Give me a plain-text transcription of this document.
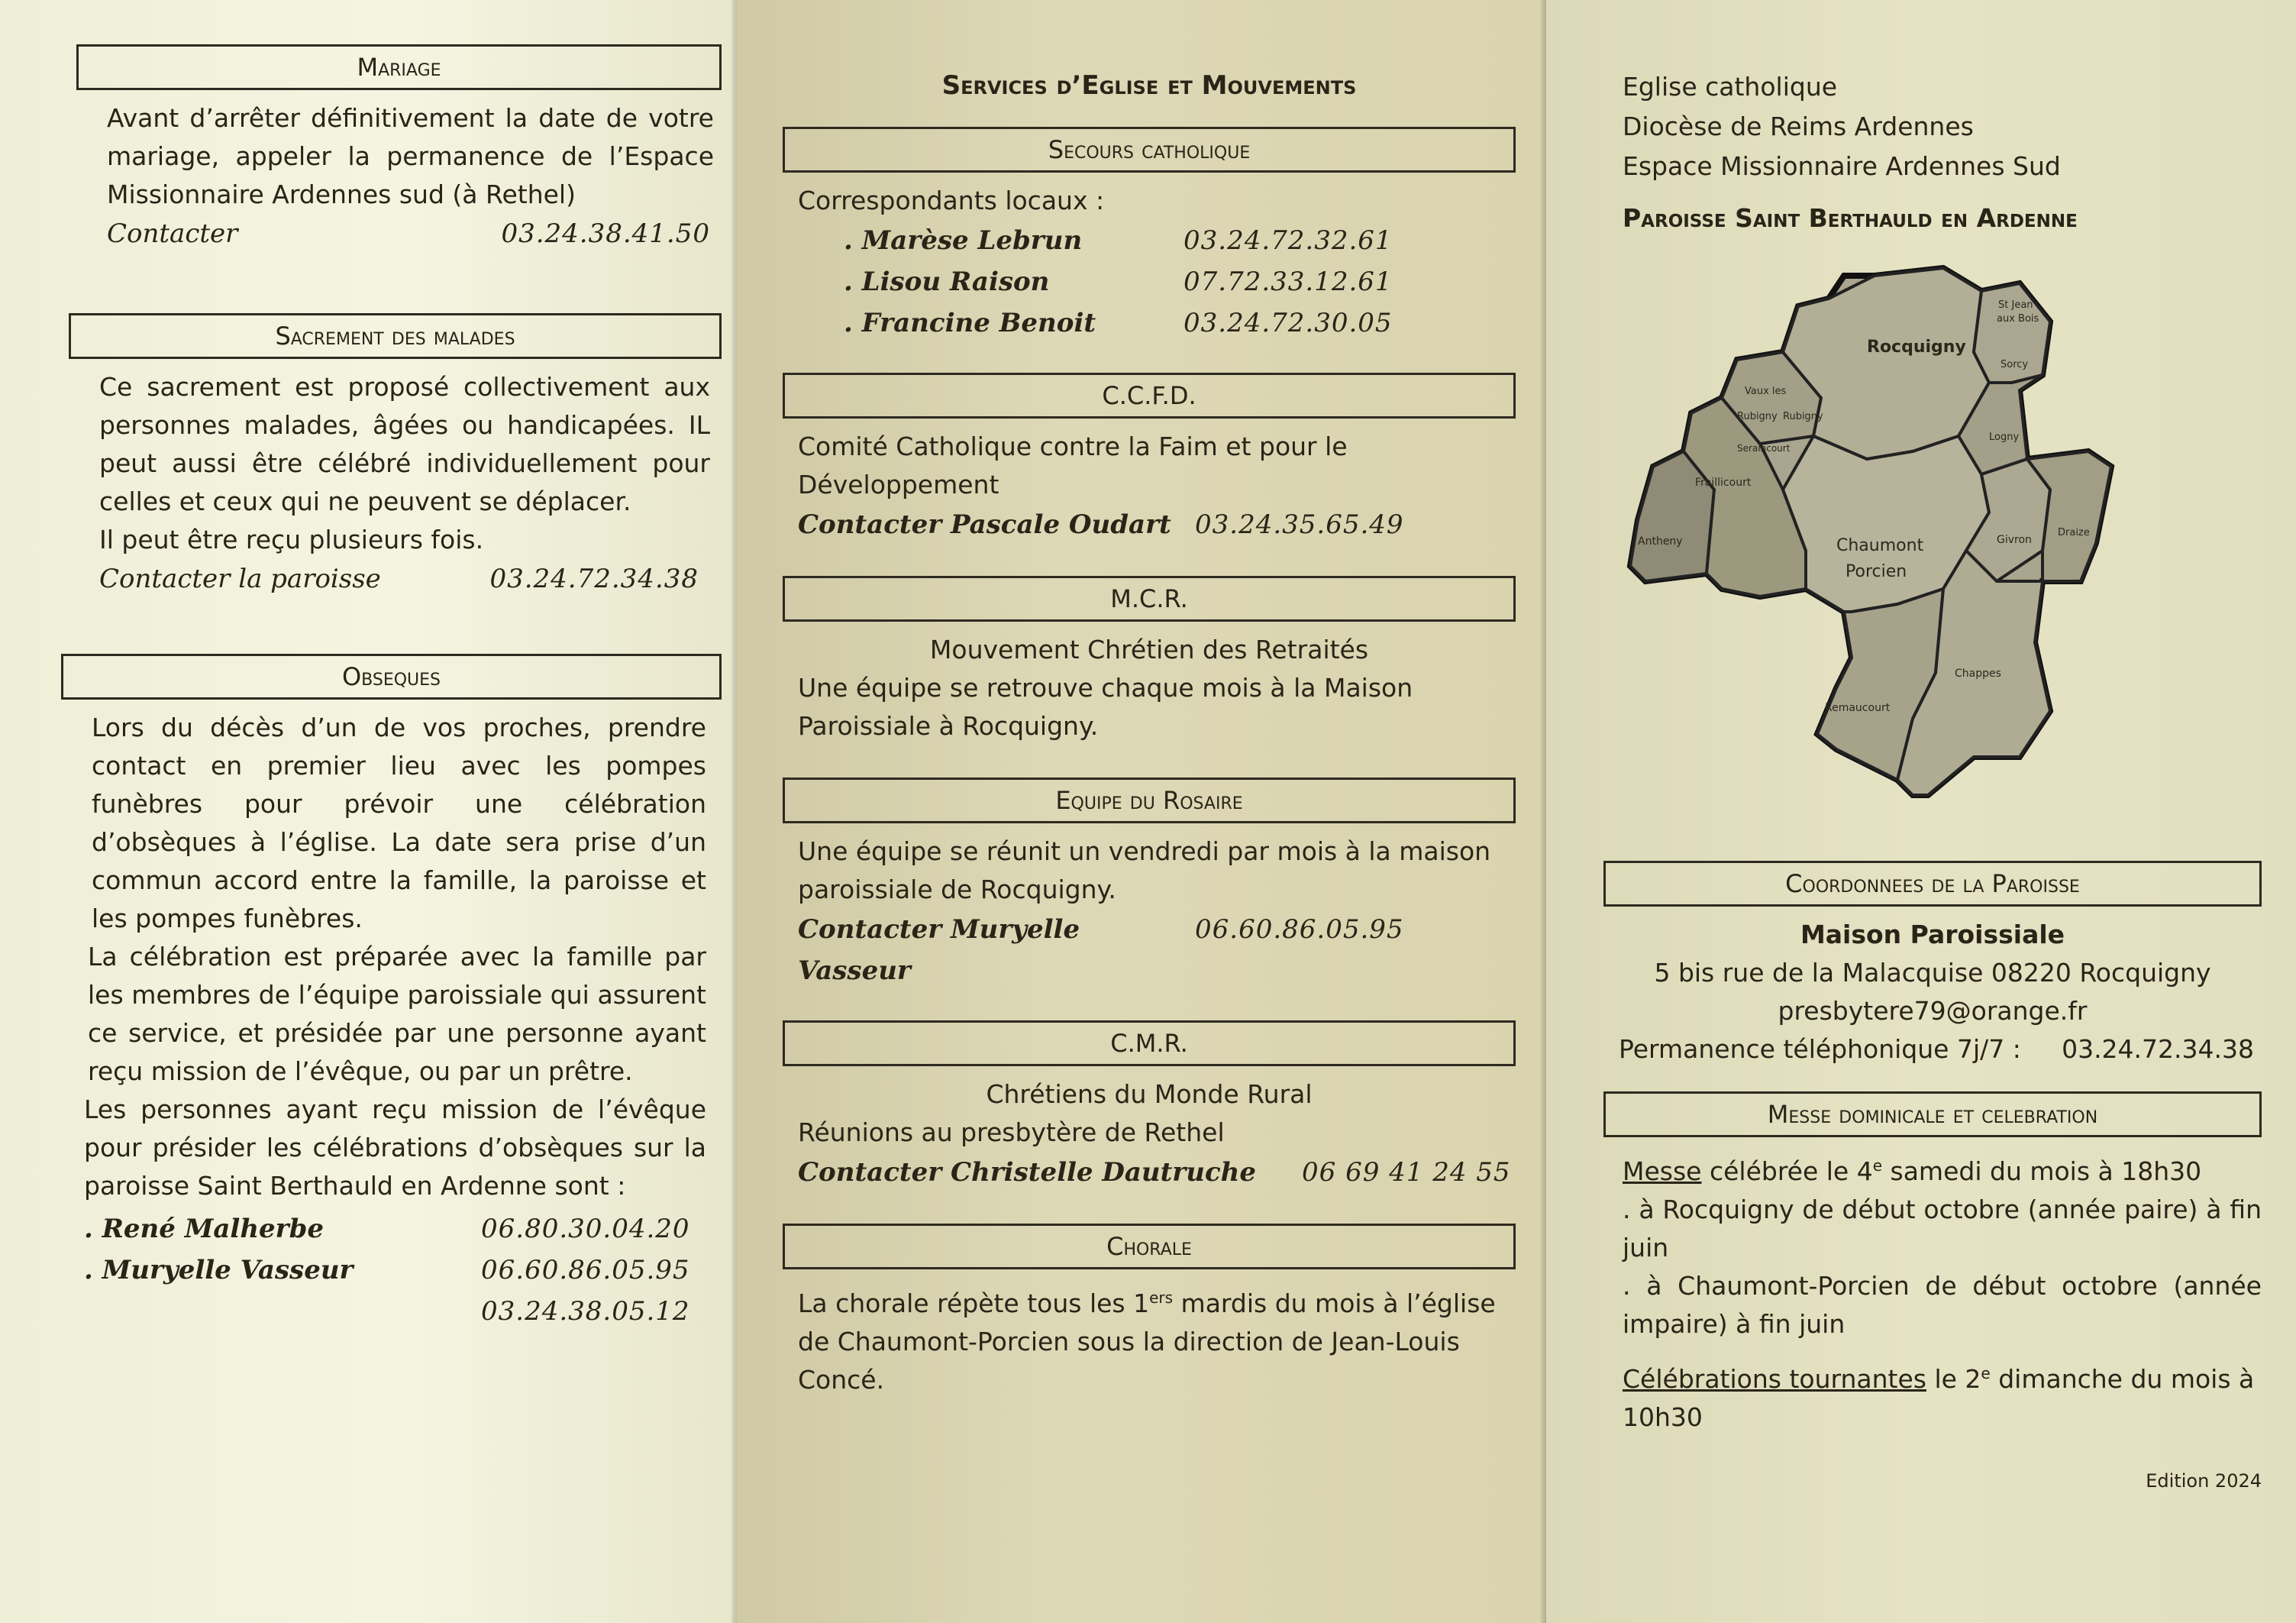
Mariage

Avant d’arrêter définitivement la date de votre mariage, appeler la permanence de l’Espace Missionnaire Ardennes sud (à Rethel)

Contacter	03.24.38.41.50
Sacrement des malades

Ce sacrement est proposé collectivement aux personnes malades, âgées ou handicapées. IL peut aussi être célébré individuellement pour celles et ceux qui ne peuvent se déplacer.

Il peut être reçu plusieurs fois.

Contacter la paroisse	03.24.72.34.38
Obseques

Lors du décès d’un de vos proches, prendre contact en premier lieu avec les pompes funèbres pour prévoir une célébration d’obsèques à l’église. La date sera prise d’un commun accord entre la famille, la paroisse et les pompes funèbres.

La célébration est préparée avec la famille par les membres de l’équipe paroissiale qui assurent ce service, et présidée par une personne ayant reçu mission de l’évêque, ou par un prêtre.

Les personnes ayant reçu mission de l’évêque pour présider les célébrations d’obsèques sur la paroisse Saint Berthauld en Ardenne sont :

. René Malherbe	06.80.30.04.20
. Muryelle Vasseur	06.60.86.05.95
03.24.38.05.12
Services d’Eglise et Mouvements
Secours catholique

Correspondants locaux :

. Marèse Lebrun	03.24.72.32.61
. Lisou Raison	07.72.33.12.61
. Francine Benoit	03.24.72.30.05
C.C.F.D.

Comité Catholique contre la Faim et pour le Développement

Contacter Pascale Oudart 03.24.35.65.49
M.C.R.

Mouvement Chrétien des Retraités

Une équipe se retrouve chaque mois à la Maison Paroissiale à Rocquigny.

Equipe du Rosaire

Une équipe se réunit un vendredi par mois à la maison paroissiale de Rocquigny.

Contacter Muryelle Vasseur
06.60.86.05.95
C.M.R.

Chrétiens du Monde Rural

Réunions au presbytère de Rethel

Contacter Christelle Dautruche	06 69 41 24 55
Chorale

La chorale répète tous les 1ers mardis du mois à l’église de Chaumont-Porcien sous la direction de Jean-Louis Concé.

Eglise catholique

Diocèse de Reims Ardennes

Espace Missionnaire Ardennes Sud

Paroisse Saint Berthauld en Ardenne

St Jean
aux Bois
Rocquigny
Vaux les
Rubigny Rubigny
Fraillicourt
Antheny	Chaumont
Porcien
Givron
Logny
Sorcy
Draize
Chappes
Remaucourt
Seraincourt
Coordonnees de la Paroisse

Maison Paroissiale

5 bis rue de la Malacquise 08220 Rocquigny

presbytere79@orange.fr

Permanence téléphonique 7j/7 : 03.24.72.34.38
Messe dominicale et celebration

Messe célébrée le 4e samedi du mois à 18h30

. à Rocquigny de début octobre (année paire) à fin juin

. à Chaumont-Porcien de début octobre (année impaire) à fin juin

Célébrations tournantes le 2e dimanche du mois à 10h30

Edition 2024
